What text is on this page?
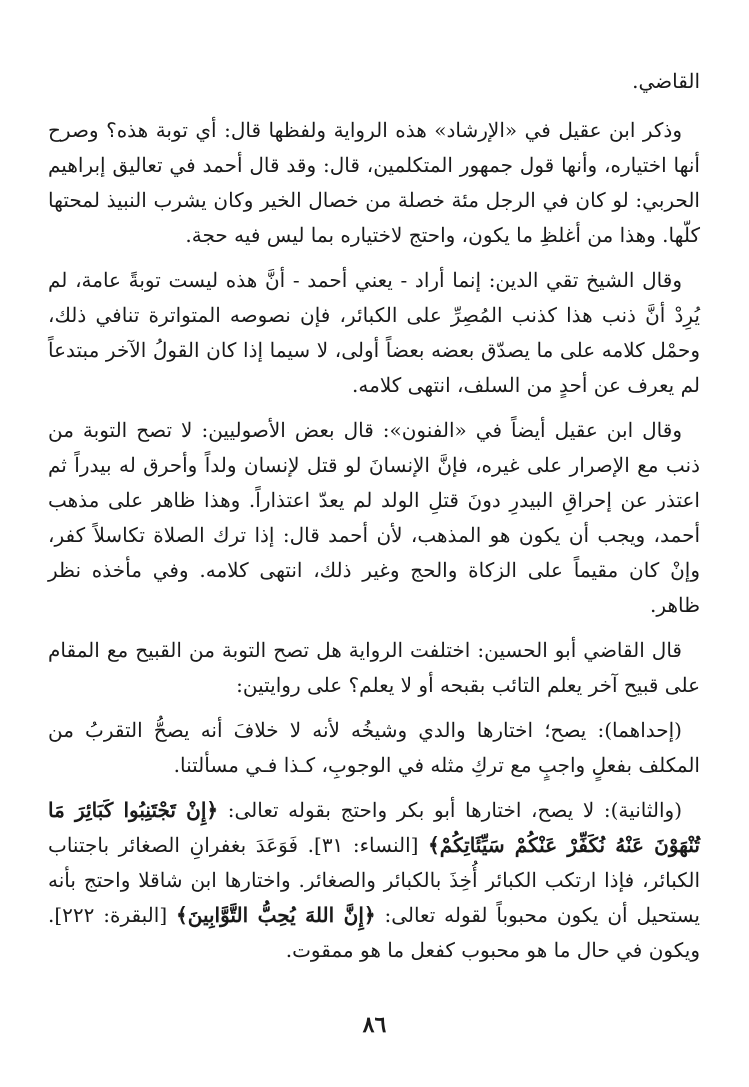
القاضي.

وذكر ابن عقيل في «الإرشاد» هذه الرواية ولفظها قال: أي توبة هذه؟ وصرح أنها اختياره، وأنها قول جمهور المتكلمين، قال: وقد قال أحمد في تعاليق إبراهيم الحربي: لو كان في الرجل مئة خصلة من خصال الخير وكان يشرب النبيذ لمحتها كلّها. وهذا من أغلظِ ما يكون، واحتج لاختياره بما ليس فيه حجة.

وقال الشيخ تقي الدين: إنما أراد - يعني أحمد - أنَّ هذه ليست توبةً عامة، لم يُرِدْ أنَّ ذنب هذا كذنب المُصِرِّ على الكبائر، فإن نصوصه المتواترة تنافي ذلك، وحمْل كلامه على ما يصدّق بعضه بعضاً أولى، لا سيما إذا كان القولُ الآخر مبتدعاً لم يعرف عن أحدٍ من السلف، انتهى كلامه.

وقال ابن عقيل أيضاً في «الفنون»: قال بعض الأصوليين: لا تصح التوبة من ذنب مع الإصرار على غيره، فإنَّ الإنسانَ لو قتل لإنسان ولداً وأحرق له بيدراً ثم اعتذر عن إحراقِ البيدرِ دونَ قتلِ الولد لم يعدّ اعتذاراً. وهذا ظاهر على مذهب أحمد، ويجب أن يكون هو المذهب، لأن أحمد قال: إذا ترك الصلاة تكاسلاً كفر، وإنْ كان مقيماً على الزكاة والحج وغير ذلك، انتهى كلامه. وفي مأخذه نظر ظاهر.

قال القاضي أبو الحسين: اختلفت الرواية هل تصح التوبة من القبيح مع المقام على قبيح آخر يعلم التائب بقبحه أو لا يعلم؟ على روايتين:

(إحداهما): يصح؛ اختارها والدي وشيخُه لأنه لا خلافَ أنه يصحُّ التقربُ من المكلف بفعلٍ واجبٍ مع تركِ مثله في الوجوبِ، كـذا فـي مسألتنا.

(والثانية): لا يصح، اختارها أبو بكر واحتج بقوله تعالى: ﴿إِنْ تَجْتَنِبُوا كَبَائِرَ مَا تُنْهَوْنَ عَنْهُ نُكَفِّرْ عَنْكُمْ سَيِّئَاتِكُمْ﴾ [النساء: ٣١]. فَوَعَدَ بغفرانِ الصغائر باجتناب الكبائر، فإذا ارتكب الكبائر أُخِذَ بالكبائر والصغائر. واختارها ابن شاقلا واحتج بأنه يستحيل أن يكون محبوباً لقوله تعالى: ﴿إِنَّ اللهَ يُحِبُّ التَّوَّابِينَ﴾ [البقرة: ٢٢٢]. ويكون في حال ما هو محبوب كفعل ما هو ممقوت.

٨٦
